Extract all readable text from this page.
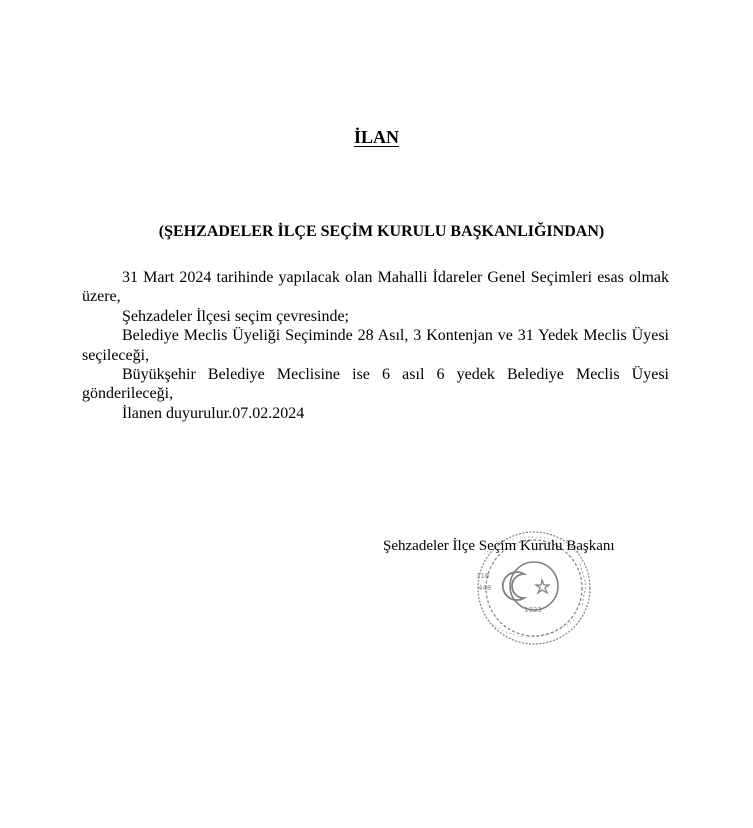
İLAN
(ŞEHZADELER İLÇE SEÇİM KURULU BAŞKANLIĞINDAN)

31 Mart 2024 tarihinde yapılacak olan Mahalli İdareler Genel Seçimleri esas olmak üzere,

Şehzadeler İlçesi seçim çevresinde;

Belediye Meclis Üyeliği Seçiminde 28 Asıl, 3 Kontenjan ve 31 Yedek Meclis Üyesi seçileceği,

Büyükşehir Belediye Meclisine ise 6 asıl 6 yedek Belediye Meclis Üyesi gönderileceği,

İlanen duyurulur.07.02.2024

1923
316
448
Şehzadeler İlçe Seçim Kurulu Başkanı
